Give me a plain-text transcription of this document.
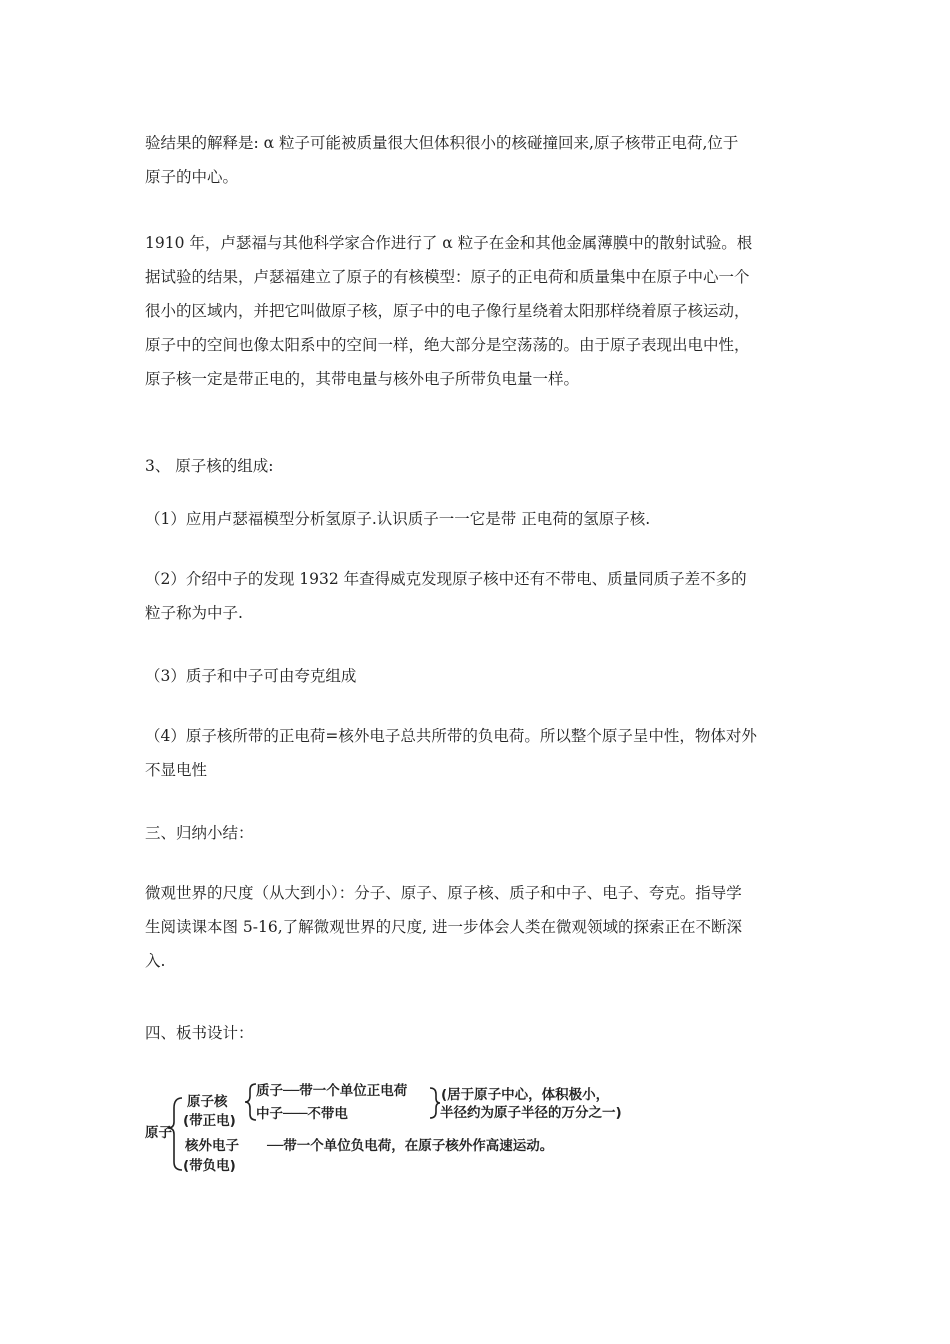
验结果的解释是: α 粒子可能被质量很大但体积很小的核碰撞回来,原子核带正电荷,位于
原子的中心。

1910 年，卢瑟福与其他科学家合作进行了 α 粒子在金和其他金属薄膜中的散射试验。根
据试验的结果，卢瑟福建立了原子的有核模型：原子的正电荷和质量集中在原子中心一个
很小的区域内，并把它叫做原子核，原子中的电子像行星绕着太阳那样绕着原子核运动，
原子中的空间也像太阳系中的空间一样，绝大部分是空荡荡的。由于原子表现出电中性，
原子核一定是带正电的，其带电量与核外电子所带负电量一样。

3、 原子核的组成:

（1）应用卢瑟福模型分析氢原子.认识质子一一它是带 正电荷的氢原子核.

（2）介绍中子的发现 1932 年查得威克发现原子核中还有不带电、质量同质子差不多的
粒子称为中子.

（3）质子和中子可由夸克组成

（4）原子核所带的正电荷=核外电子总共所带的负电荷。所以整个原子呈中性，物体对外
不显电性

三、归纳小结：

微观世界的尺度（从大到小）：分子、原子、原子核、质子和中子、电子、夸克。指导学
生阅读课本图 5-16,了解微观世界的尺度, 进一步体会人类在微观领域的探索正在不断深
入.

四、板书设计：

原子
原子核
(带正电)
质子──带一个单位正电荷
中子───不带电
(居于原子中心，体积极小，
半径约为原子半径的万分之一)
核外电子 ──带一个单位负电荷，在原子核外作高速运动。
(带负电)
